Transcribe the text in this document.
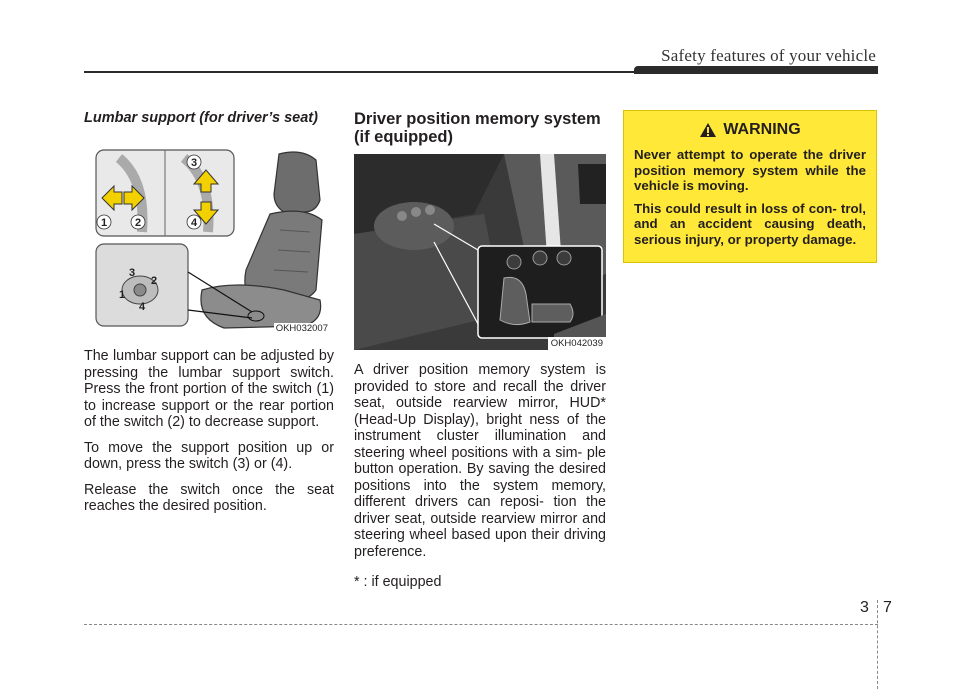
Safety features of your vehicle
Lumbar support (for driver’s seat)
1	2
3
4
3
2
1
4
OKH032007

The lumbar support can be adjusted by pressing the lumbar support switch. Press the front portion of the switch (1) to increase support or the rear portion of the switch (2) to decrease support.

To move the support position up or down, press the switch (3) or (4).

Release the switch once the seat reaches the desired position.

Driver position memory system (if equipped)
OKH042039

A driver position memory system is provided to store and recall the driver seat, outside rearview mirror, HUD* (Head-Up Display), bright ness of the instrument cluster illumination and steering wheel positions with a sim- ple button operation. By saving the desired positions into the system memory, different drivers can reposi- tion the driver seat, outside rearview mirror and steering wheel based upon their driving preference.

* : if equipped

WARNING

Never attempt to operate the driver position memory system while the vehicle is moving.

This could result in loss of con- trol, and an accident causing death, serious injury, or property damage.

3 7
